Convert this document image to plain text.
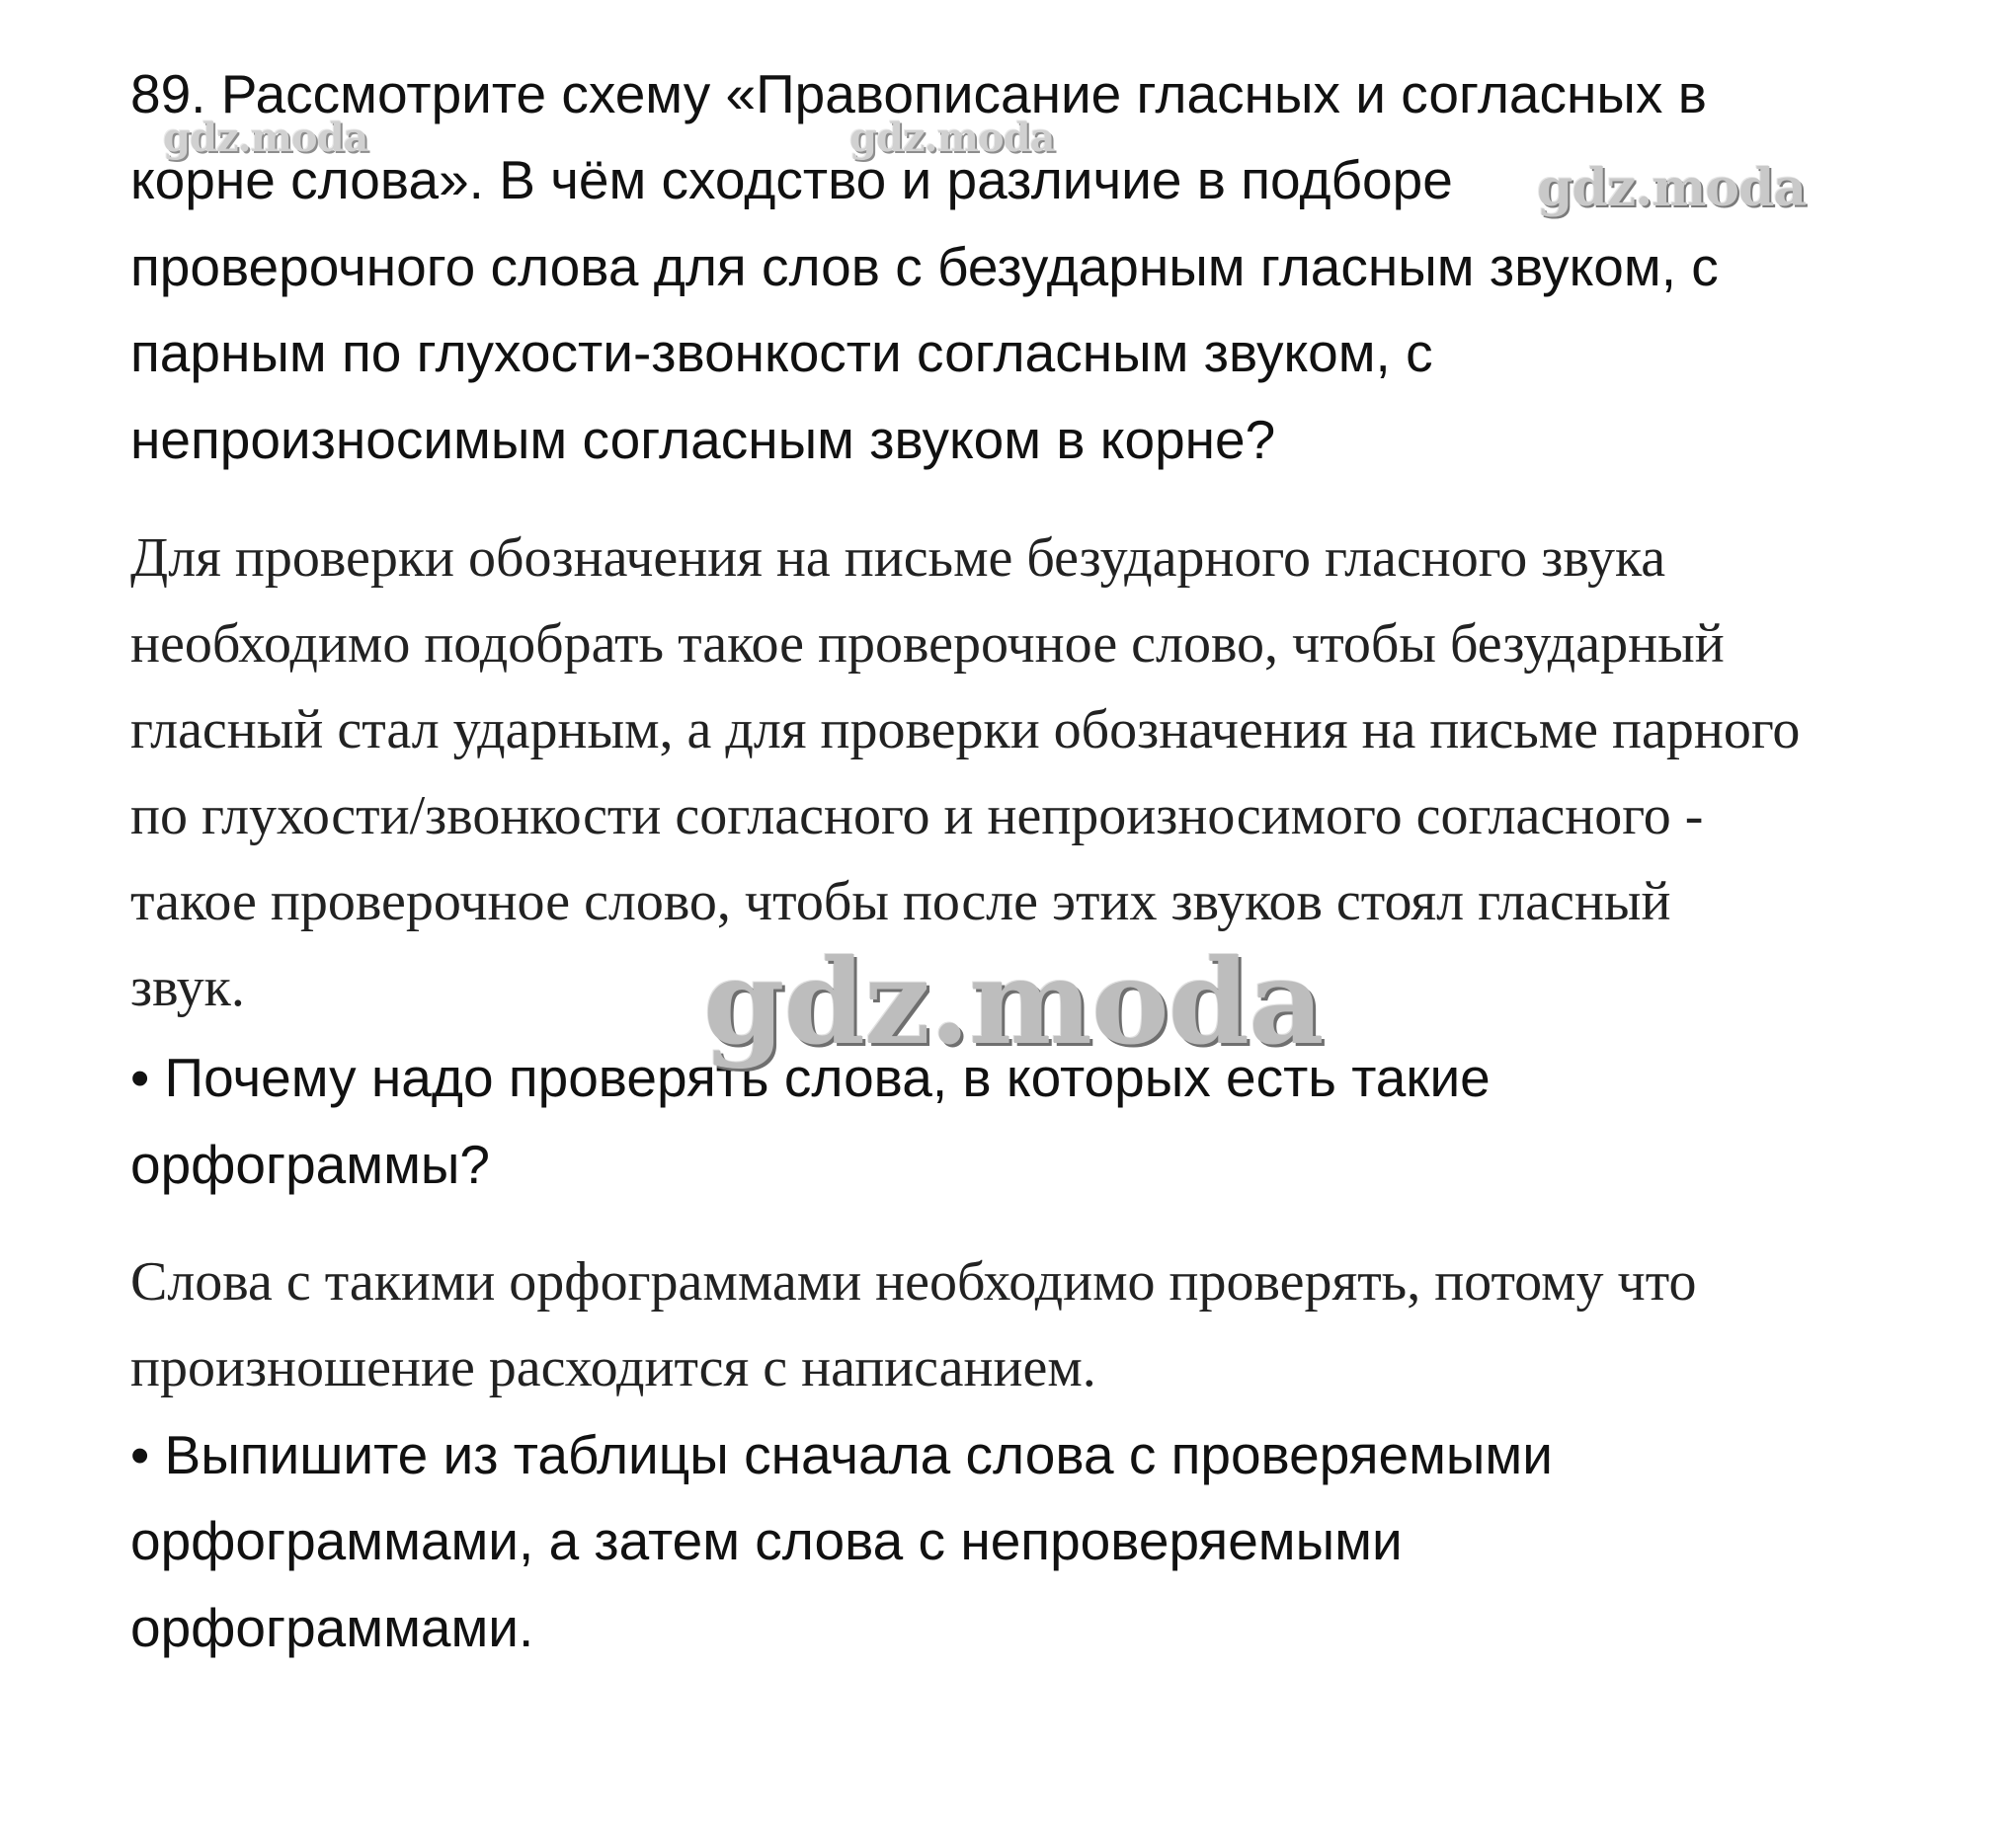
89. Рассмотрите схему «Правописание гласных и согласных в
корне слова». В чём сходство и различие в подборе
проверочного слова для слов с безударным гласным звуком, с
парным по глухости-звонкости согласным звуком, с
непроизносимым согласным звуком в корне?
Для проверки обозначения на письме безударного гласного звука
необходимо подобрать такое проверочное слово, чтобы безударный
гласный стал ударным, а для проверки обозначения на письме парного
по глухости/звонкости согласного и непроизносимого согласного -
такое проверочное слово, чтобы после этих звуков стоял гласный
звук.
• Почему надо проверять слова, в которых есть такие
орфограммы?
Слова с такими орфограммами необходимо проверять, потому что
произношение расходится с написанием.
• Выпишите из таблицы сначала слова с проверяемыми
орфограммами, а затем слова с непроверяемыми
орфограммами.
gdz.moda	gdz.moda
gdz.moda
gdz.moda
